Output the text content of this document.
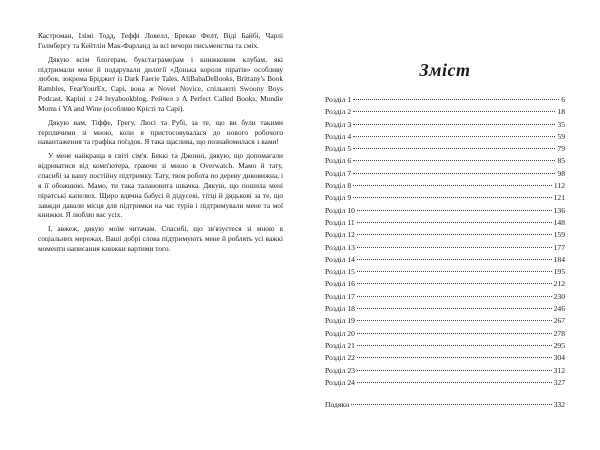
Кастроман, Ілімі Тодд, Теффі Ловелл, Брекке Фелт, Віді Байбі, Чарлі Голмбергу та Кейтлін Мак-Фарланд за всі вечори письменства та сміх.

Дякую всім блогерам, букстаграмерам і книжковим клубам, які підтримали мене й подарували дилогії «Донька короля піратів» особливу любов, зокрема Бріджит із Dark Faerie Tales, AliBabaDeBooks, Brittany's Book Rambles, FearYourEx, Сарі, вона ж Novel Novice, спільноті Swoony Boys Podcast, Каріні з 24 hryabookblog, Рейчел з A Perfect Called Books, Mundie Moms і YA and Wine (особливо Крісті та Сарі).

Дякую вам, Тіффе, Грегу, Люсі та Рубі, за те, що ви були такими терплячими зі мною, коли я пристосовувалася до нового робочого навантаження та графіка поїздок. Я така щаслива, що познайомилася з вами!

У мене найкраща в світі сім'я. Беккі та Джонні, дякую, що допомагали відриватися від комп'ютера, граючи зі мною в Overwatch. Мамо й тату, спасибі за вашу постійну підтримку. Тату, твоя робота по дереву дивовижна, і я її обожнюю. Мамо, ти така талановита швачка. Дякую, що пошила мені піратські капелюх. Щиро вдячна бабусі й дідусеві, тітці й дядькові за те, що завжди давали місця для підтримки на час турів і підтримували мене та мої книжки. Я люблю вас усіх.

І, авжеж, дякую моїм читачам. Спасибі, що зв'язуєтеся зі мною в соціальних мережах. Ваші добрі слова підтримують мене й роблять усі важкі моменти написання книжки вартими того.

Зміст
Розділ 1	6
Розділ 2	18
Розділ 3	35
Розділ 4	59
Розділ 5	79
Розділ 6	85
Розділ 7	98
Розділ 8	112
Розділ 9	121
Розділ 10	136
Розділ 11	148
Розділ 12	159
Розділ 13	177
Розділ 14	184
Розділ 15	195
Розділ 16	212
Розділ 17	230
Розділ 18	246
Розділ 19	267
Розділ 20	278
Розділ 21	295
Розділ 22	304
Розділ 23	312
Розділ 24	327
Подяки	332
